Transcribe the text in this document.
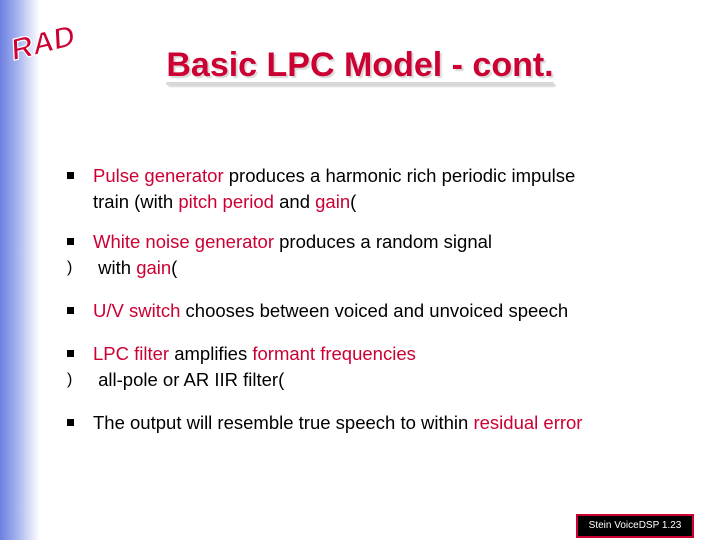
RAD	Basic LPC Model - cont.
Pulse generator produces a harmonic rich periodic impulse
train (with pitch period and gain(
White noise generator produces a random signal
with gain(
)
U/V switch chooses between voiced and unvoiced speech
LPC filter amplifies formant frequencies
all-pole or AR IIR filter(
)
The output will resemble true speech to within residual error
Stein VoiceDSP 1.23
